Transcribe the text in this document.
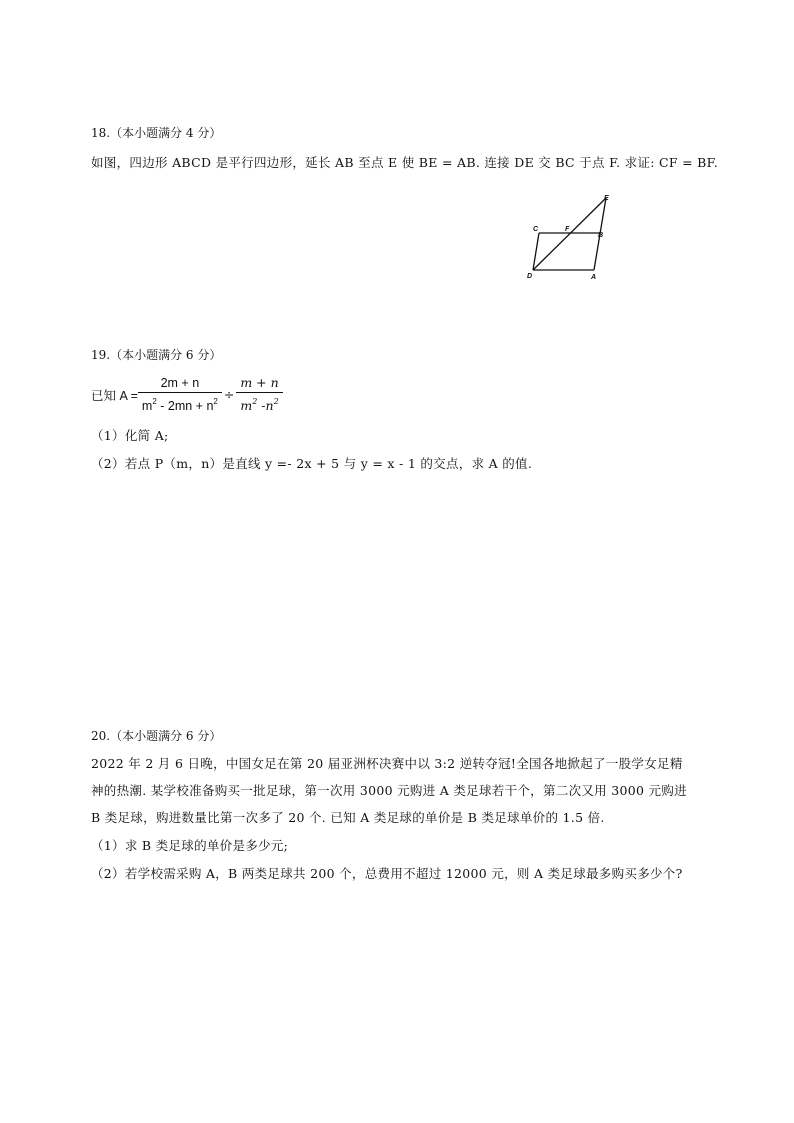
18.（本小题满分 4 分）
如图，四边形 ABCD 是平行四边形，延长 AB 至点 E 使 BE = AB. 连接 DE 交 BC 于点 F. 求证: CF = BF.
E
C	F
B
D	A
19.（本小题满分 6 分）
已知 $A = \frac{2m + n}{m^2 - 2mn + n^2} \div \frac{m + n}{m^2 -n^2}$
（1）化简 A;
（2）若点 P（m，n）是直线 y =- 2x + 5 与 y = x - 1 的交点，求 A 的值.
20.（本小题满分 6 分）
2022 年 2 月 6 日晚，中国女足在第 20 届亚洲杯决赛中以 3:2 逆转夺冠!全国各地掀起了一股学女足精
神的热潮. 某学校准备购买一批足球，第一次用 3000 元购进 A 类足球若干个，第二次又用 3000 元购进
B 类足球，购进数量比第一次多了 20 个. 已知 A 类足球的单价是 B 类足球单价的 1.5 倍.
（1）求 B 类足球的单价是多少元;
（2）若学校需采购 A，B 两类足球共 200 个，总费用不超过 12000 元，则 A 类足球最多购买多少个?
